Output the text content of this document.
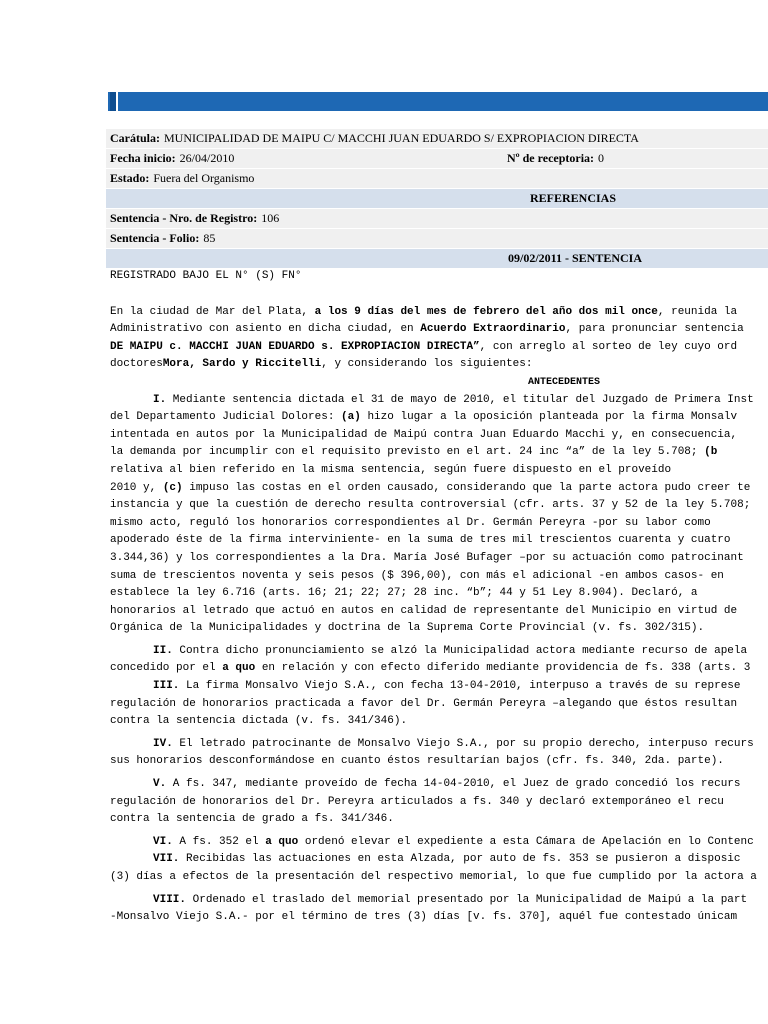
Carátula: MUNICIPALIDAD DE MAIPU C/ MACCHI JUAN EDUARDO S/ EXPROPIACION DIRECTA
Fecha inicio: 26/04/2010	Nº de receptoria: 0
Estado: Fuera del Organismo
REFERENCIAS
Sentencia - Nro. de Registro: 106
Sentencia - Folio: 85
09/02/2011 - SENTENCIA
REGISTRADO BAJO EL N° (S) FN°
En la ciudad de Mar del Plata, a los 9 días del mes de febrero del año dos mil once, reunida la
Administrativo con asiento en dicha ciudad, en Acuerdo Extraordinario, para pronunciar sentencia
DE MAIPU c. MACCHI JUAN EDUARDO s. EXPROPIACION DIRECTA”, con arreglo al sorteo de ley cuyo ord
doctoresMora, Sardo y Riccitelli, y considerando los siguientes:
ANTECEDENTES
I. Mediante sentencia dictada el 31 de mayo de 2010, el titular del Juzgado de Primera Inst
del Departamento Judicial Dolores: (a) hizo lugar a la oposición planteada por la firma Monsalv
intentada en autos por la Municipalidad de Maipú contra Juan Eduardo Macchi y, en consecuencia,
la demanda por incumplir con el requisito previsto en el art. 24 inc “a” de la ley 5.708; (b
relativa al bien referido en la misma sentencia, según fuere dispuesto en el proveído
2010 y, (c) impuso las costas en el orden causado, considerando que la parte actora pudo creer te
instancia y que la cuestión de derecho resulta controversial (cfr. arts. 37 y 52 de la ley 5.708;
mismo acto, reguló los honorarios correspondientes al Dr. Germán Pereyra -por su labor como
apoderado éste de la firma interviniente- en la suma de tres mil trescientos cuarenta y cuatro
3.344,36) y los correspondientes a la Dra. María José Bufager –por su actuación como patrocinant
suma de trescientos noventa y seis pesos ($ 396,00), con más el adicional -en ambos casos- en
establece la ley 6.716 (arts. 16; 21; 22; 27; 28 inc. “b”; 44 y 51 Ley 8.904). Declaró, a
honorarios al letrado que actuó en autos en calidad de representante del Municipio en virtud de
Orgánica de la Municipalidades y doctrina de la Suprema Corte Provincial (v. fs. 302/315).
II. Contra dicho pronunciamiento se alzó la Municipalidad actora mediante recurso de apela
concedido por el a quo en relación y con efecto diferido mediante providencia de fs. 338 (arts. 3
III. La firma Monsalvo Viejo S.A., con fecha 13-04-2010, interpuso a través de su represe
regulación de honorarios practicada a favor del Dr. Germán Pereyra –alegando que éstos resultan
contra la sentencia dictada (v. fs. 341/346).
IV. El letrado patrocinante de Monsalvo Viejo S.A., por su propio derecho, interpuso recurs
sus honorarios desconformándose en cuanto éstos resultarían bajos (cfr. fs. 340, 2da. parte).
V. A fs. 347, mediante proveído de fecha 14-04-2010, el Juez de grado concedió los recurs
regulación de honorarios del Dr. Pereyra articulados a fs. 340 y declaró extemporáneo el recu
contra la sentencia de grado a fs. 341/346.
VI. A fs. 352 el a quo ordenó elevar el expediente a esta Cámara de Apelación en lo Contenc
VII. Recibidas las actuaciones en esta Alzada, por auto de fs. 353 se pusieron a disposic
(3) días a efectos de la presentación del respectivo memorial, lo que fue cumplido por la actora a
VIII. Ordenado el traslado del memorial presentado por la Municipalidad de Maipú a la part
-Monsalvo Viejo S.A.- por el término de tres (3) días [v. fs. 370], aquél fue contestado únicam
